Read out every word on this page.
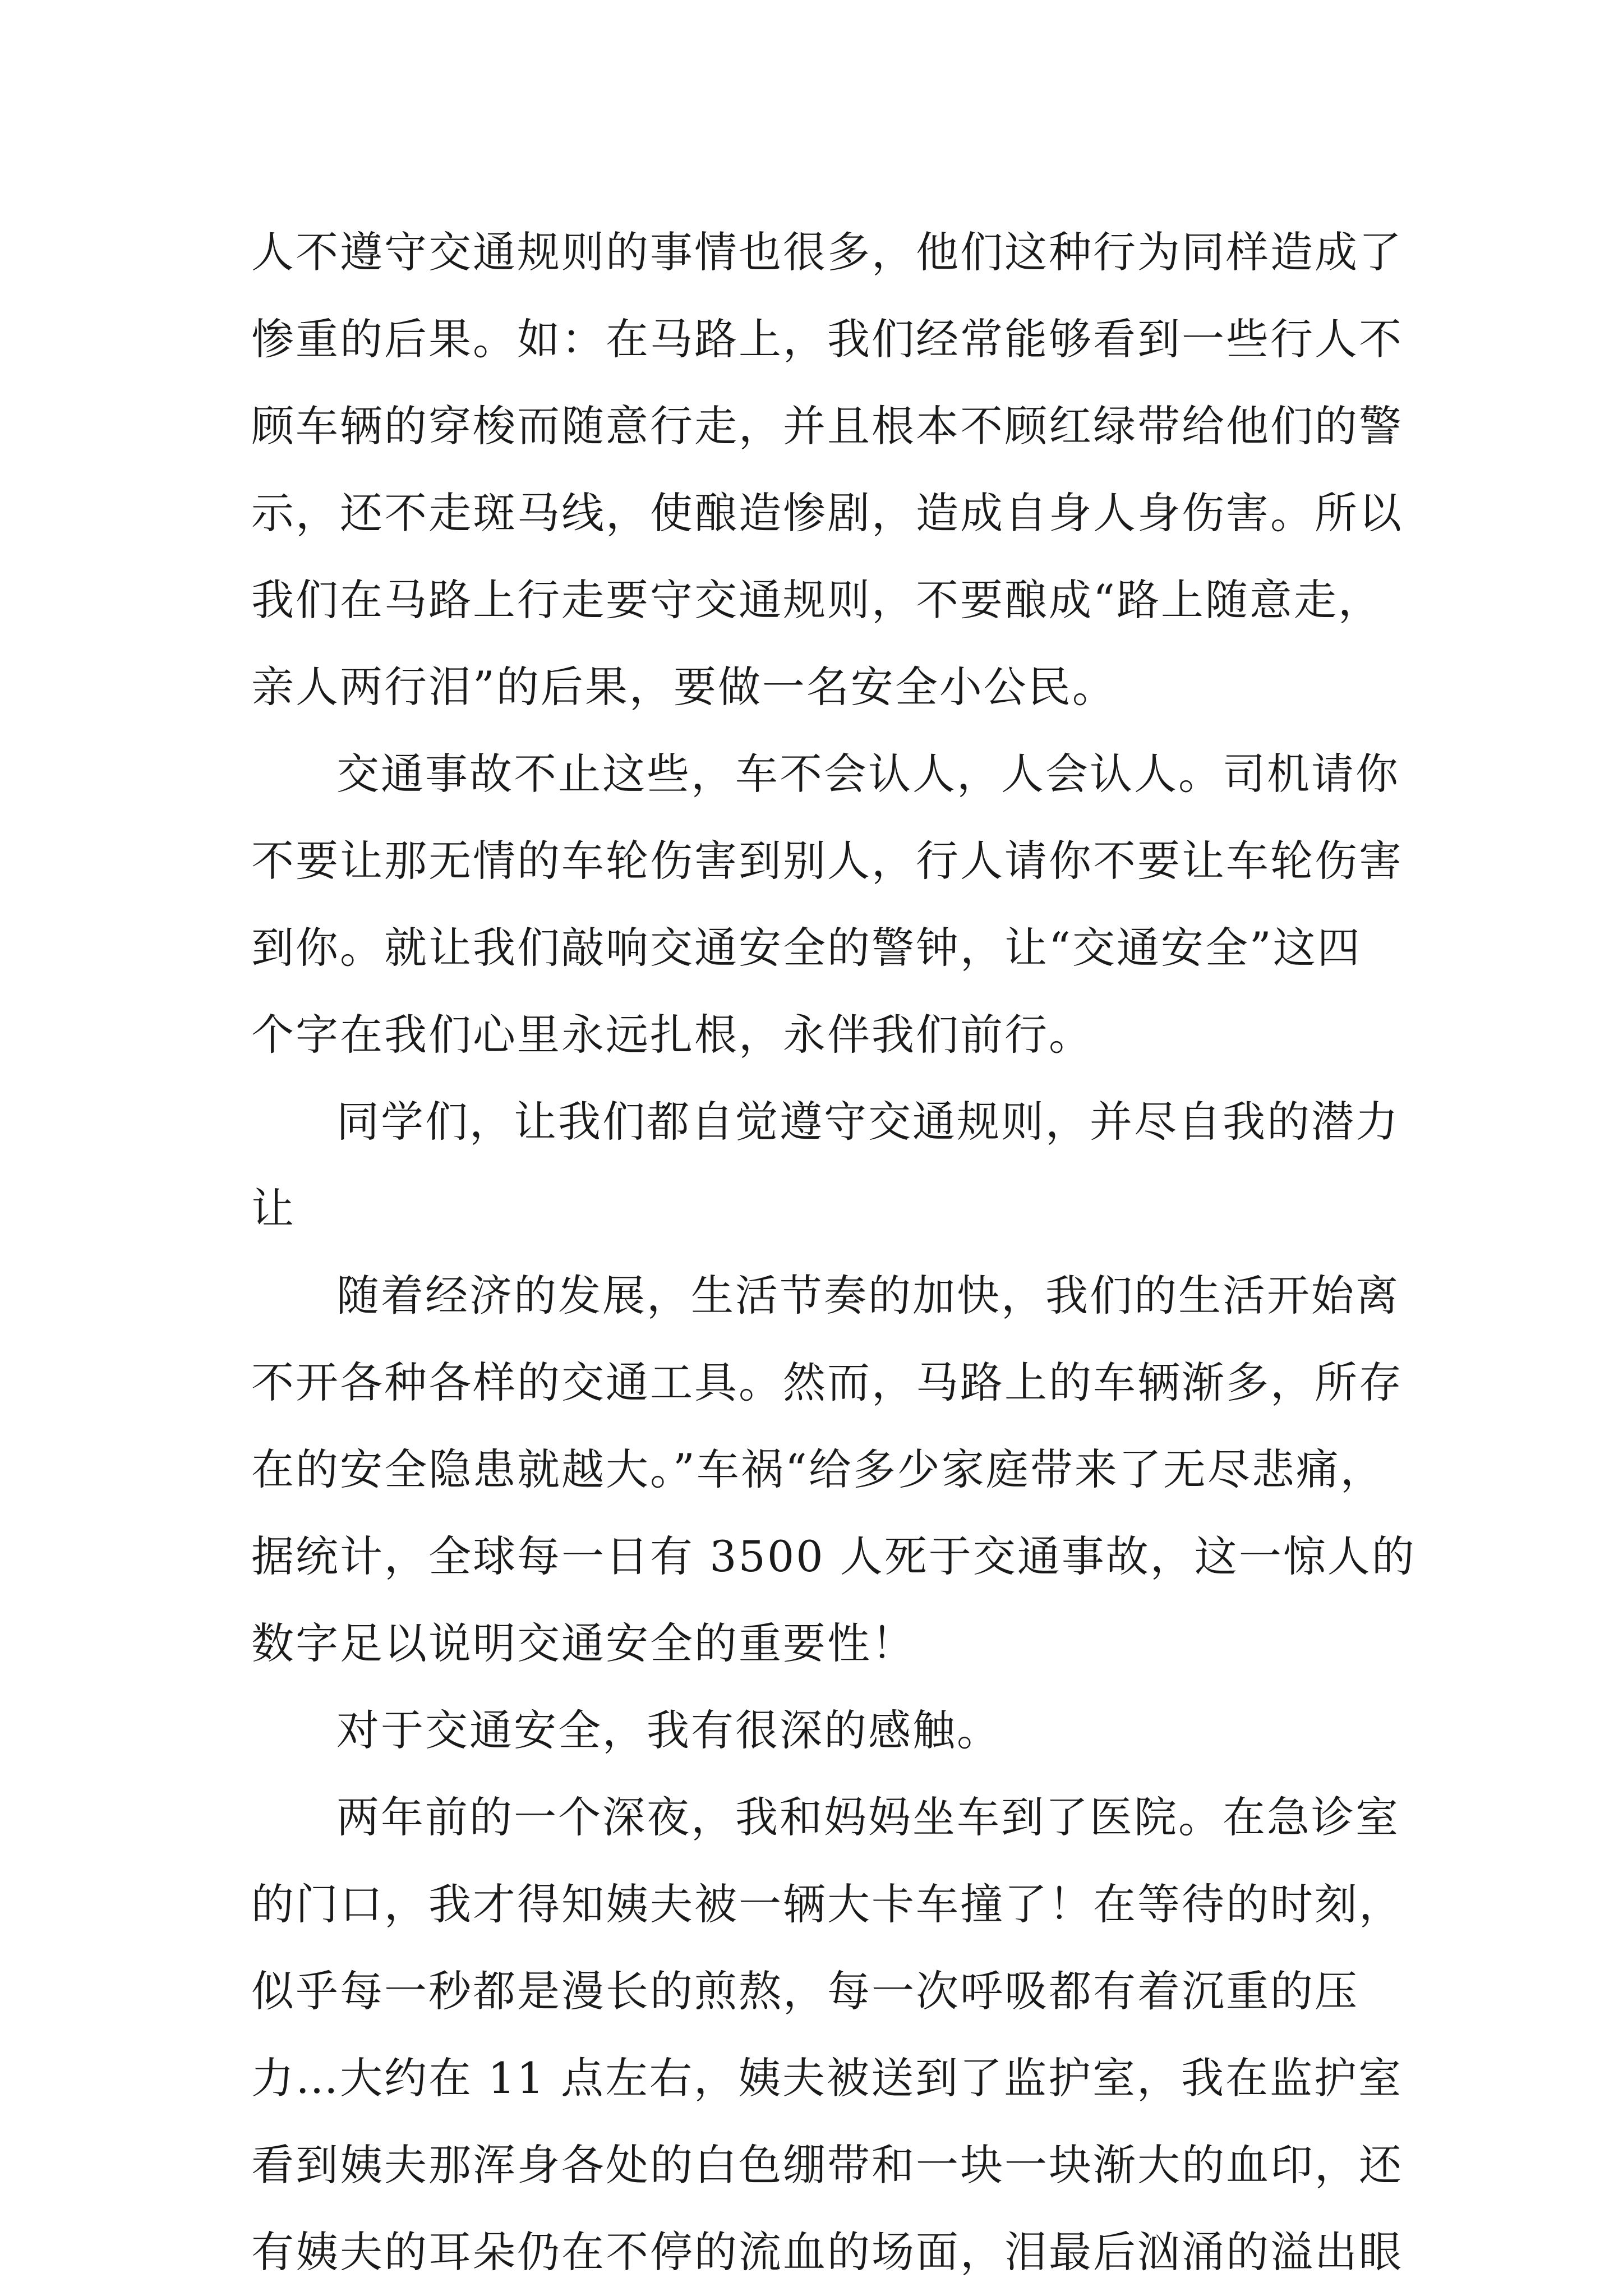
人不遵守交通规则的事情也很多，他们这种行为同样造成了
惨重的后果。如：在马路上，我们经常能够看到一些行人不
顾车辆的穿梭而随意行走，并且根本不顾红绿带给他们的警
示，还不走斑马线，使酿造惨剧，造成自身人身伤害。所以
我们在马路上行走要守交通规则，不要酿成“路上随意走，
亲人两行泪”的后果，要做一名安全小公民。
交通事故不止这些，车不会认人，人会认人。司机请你
不要让那无情的车轮伤害到别人，行人请你不要让车轮伤害
到你。就让我们敲响交通安全的警钟，让“交通安全”这四
个字在我们心里永远扎根，永伴我们前行。
同学们，让我们都自觉遵守交通规则，并尽自我的潜力
让
随着经济的发展，生活节奏的加快，我们的生活开始离
不开各种各样的交通工具。然而，马路上的车辆渐多，所存
在的安全隐患就越大。”车祸“给多少家庭带来了无尽悲痛，
据统计，全球每一日有 3500 人死于交通事故，这一惊人的
数字足以说明交通安全的重要性！
对于交通安全，我有很深的感触。
两年前的一个深夜，我和妈妈坐车到了医院。在急诊室
的门口，我才得知姨夫被一辆大卡车撞了！在等待的时刻，
似乎每一秒都是漫长的煎熬，每一次呼吸都有着沉重的压
力…大约在 11 点左右，姨夫被送到了监护室，我在监护室
看到姨夫那浑身各处的白色绷带和一块一块渐大的血印，还
有姨夫的耳朵仍在不停的流血的场面，泪最后汹涌的溢出眼
